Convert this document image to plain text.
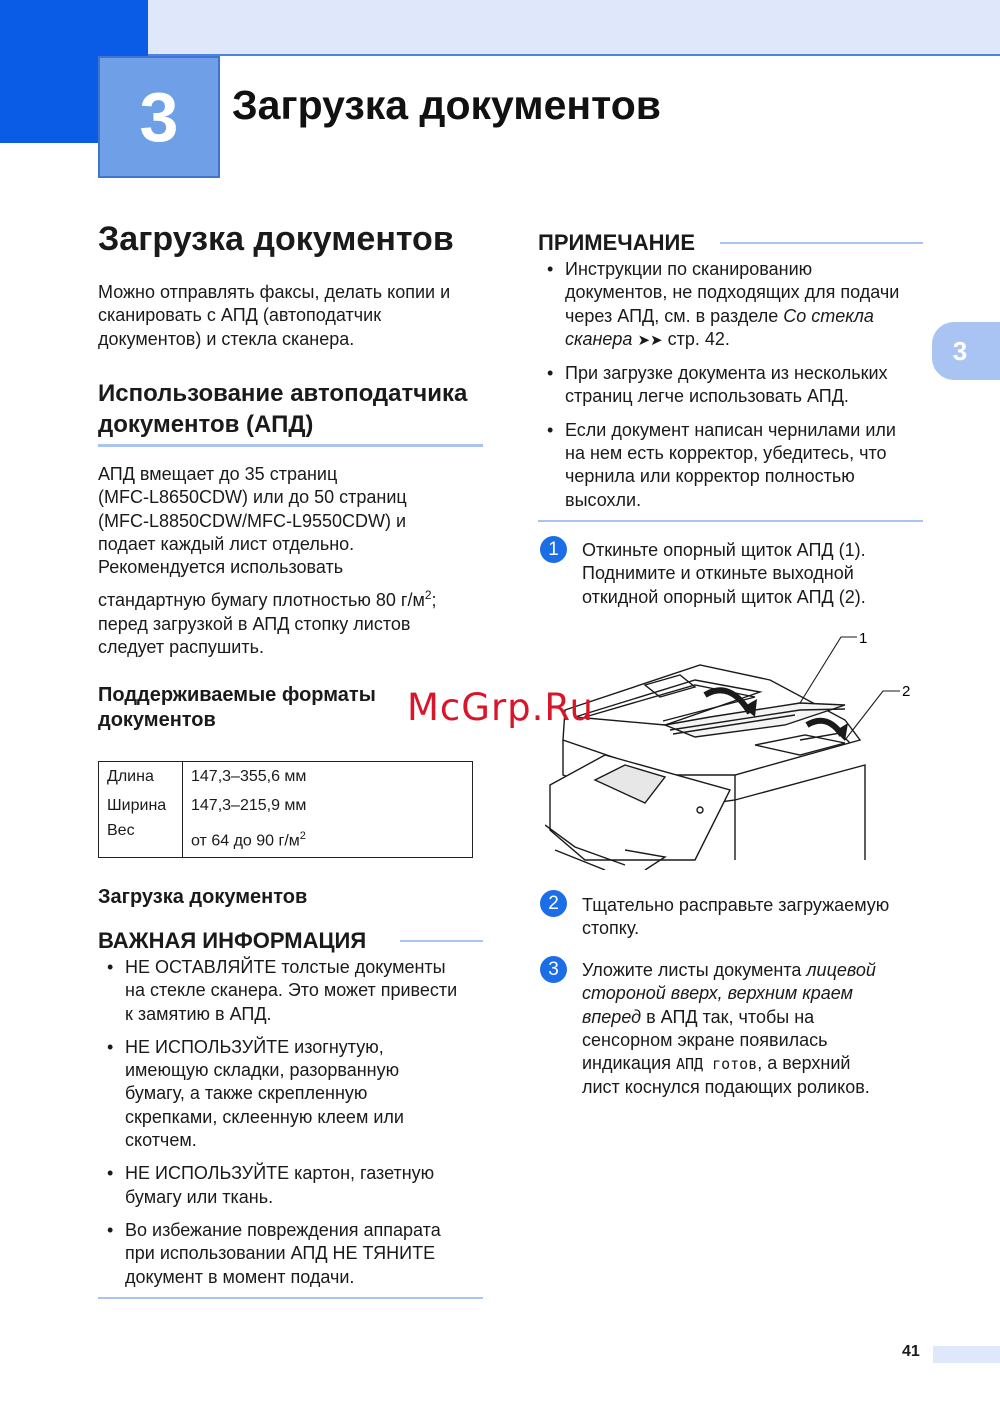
3 Загрузка документов
3
Загрузка документов
Можно отправлять факсы, делать копии и
сканировать с АПД (автоподатчик
документов) и стекла сканера.
Использование автоподатчика
документов (АПД)
АПД вмещает до 35 страниц
(MFC-L8650CDW) или до 50 страниц
(MFC-L8850CDW/MFC-L9550CDW) и
подает каждый лист отдельно.
Рекомендуется использовать
стандартную бумагу плотностью 80 $г/м^2$;
перед загрузкой в АПД стопку листов
следует распушить.
Поддерживаемые форматы
документов
Длина	147,3–355,6 мм
Ширина	147,3–215,9 мм
Вес	от 64 до 90 $г/м^2$
Загрузка документов
ВАЖНАЯ ИНФОРМАЦИЯ
• НЕ ОСТАВЛЯЙТЕ толстые документы
на стекле сканера. Это может привести
к замятию в АПД.
• НЕ ИСПОЛЬЗУЙТЕ изогнутую,
имеющую складки, разорванную
бумагу, а также скрепленную
скрепками, склеенную клеем или
скотчем.
• НЕ ИСПОЛЬЗУЙТЕ картон, газетную
бумагу или ткань.
• Во избежание повреждения аппарата
при использовании АПД НЕ ТЯНИТЕ
документ в момент подачи.
ПРИМЕЧАНИЕ
• Инструкции по сканированию
документов, не подходящих для подачи
через АПД, см. в разделе Со стекла
сканера ➤➤ стр. 42.
• При загрузке документа из нескольких
страниц легче использовать АПД.
• Если документ написан чернилами или
на нем есть корректор, убедитесь, что
чернила или корректор полностью
высохли.
1 Откиньте опорный щиток АПД (1).
Поднимите и откиньте выходной
откидной опорный щиток АПД (2).
1
2
McGrp.Ru
2 Тщательно расправьте загружаемую
стопку.
3 Уложите листы документа лицевой
стороной вверх, верхним краем
вперед в АПД так, чтобы на
сенсорном экране появилась
индикация АПД готов, а верхний
лист коснулся подающих роликов.
41
